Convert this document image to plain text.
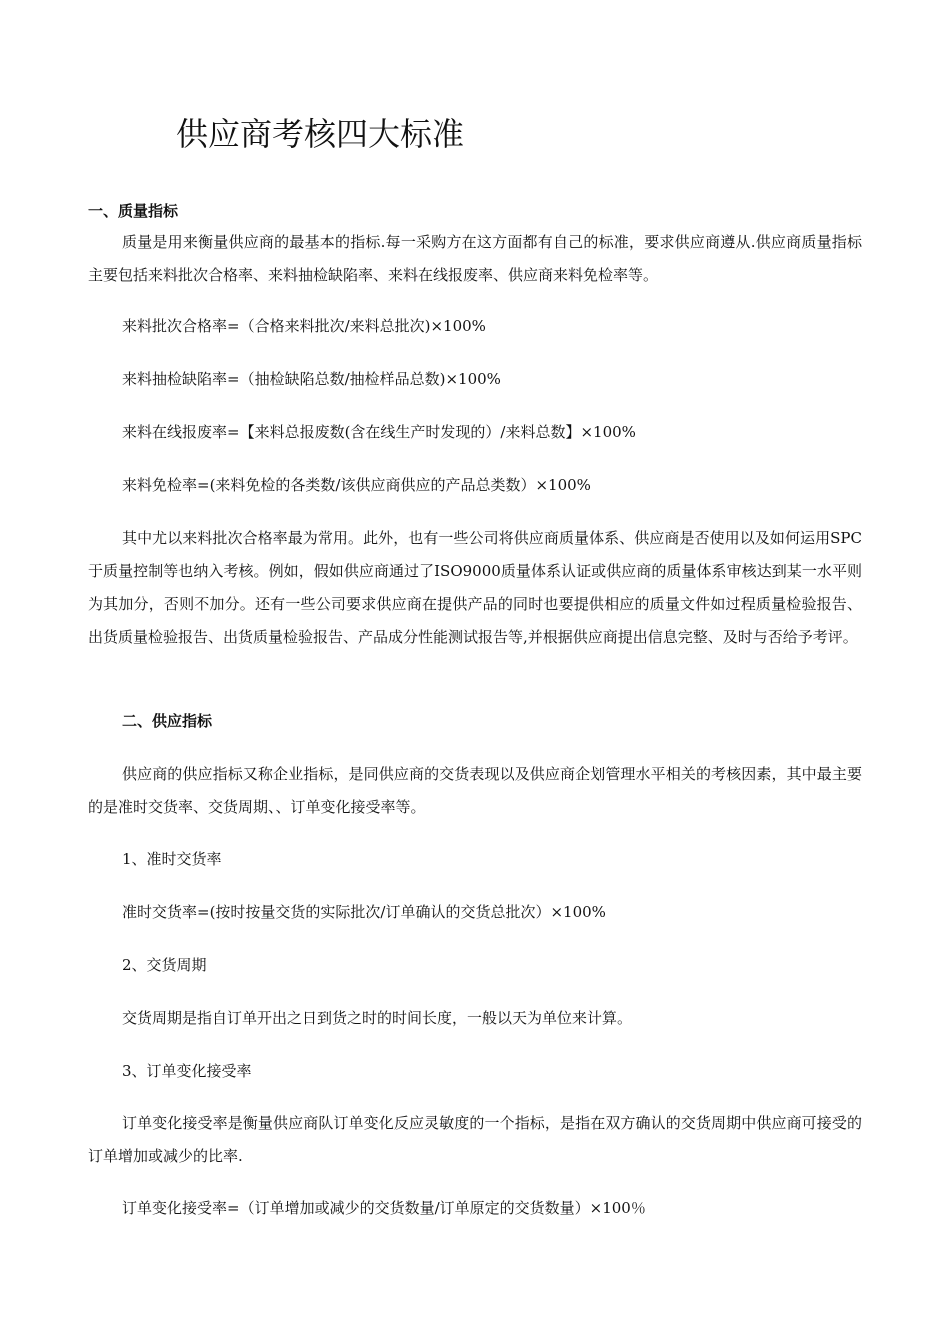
供应商考核四大标准
一、质量指标

质量是用来衡量供应商的最基本的指标.每一采购方在这方面都有自己的标准，要求供应商遵从.供应商质量指标主要包括来料批次合格率、来料抽检缺陷率、来料在线报废率、供应商来料免检率等。

来料批次合格率=（合格来料批次/来料总批次)×100%
来料抽检缺陷率=（抽检缺陷总数/抽检样品总数)×100%
来料在线报废率=【来料总报废数(含在线生产时发现的）/来料总数】×100%
来料免检率=(来料免检的各类数/该供应商供应的产品总类数）×100%

其中尤以来料批次合格率最为常用。此外，也有一些公司将供应商质量体系、供应商是否使用以及如何运用SPC于质量控制等也纳入考核。例如，假如供应商通过了ISO9000质量体系认证或供应商的质量体系审核达到某一水平则为其加分，否则不加分。还有一些公司要求供应商在提供产品的同时也要提供相应的质量文件如过程质量检验报告、出货质量检验报告、出货质量检验报告、产品成分性能测试报告等,并根据供应商提出信息完整、及时与否给予考评。

二、供应指标

供应商的供应指标又称企业指标，是同供应商的交货表现以及供应商企划管理水平相关的考核因素，其中最主要的是准时交货率、交货周期、、订单变化接受率等。

1、准时交货率
准时交货率=(按时按量交货的实际批次/订单确认的交货总批次）×100%
2、交货周期
交货周期是指自订单开出之日到货之时的时间长度，一般以天为单位来计算。
3、订单变化接受率

订单变化接受率是衡量供应商队订单变化反应灵敏度的一个指标，是指在双方确认的交货周期中供应商可接受的订单增加或减少的比率.

订单变化接受率=（订单增加或减少的交货数量/订单原定的交货数量）×100％
